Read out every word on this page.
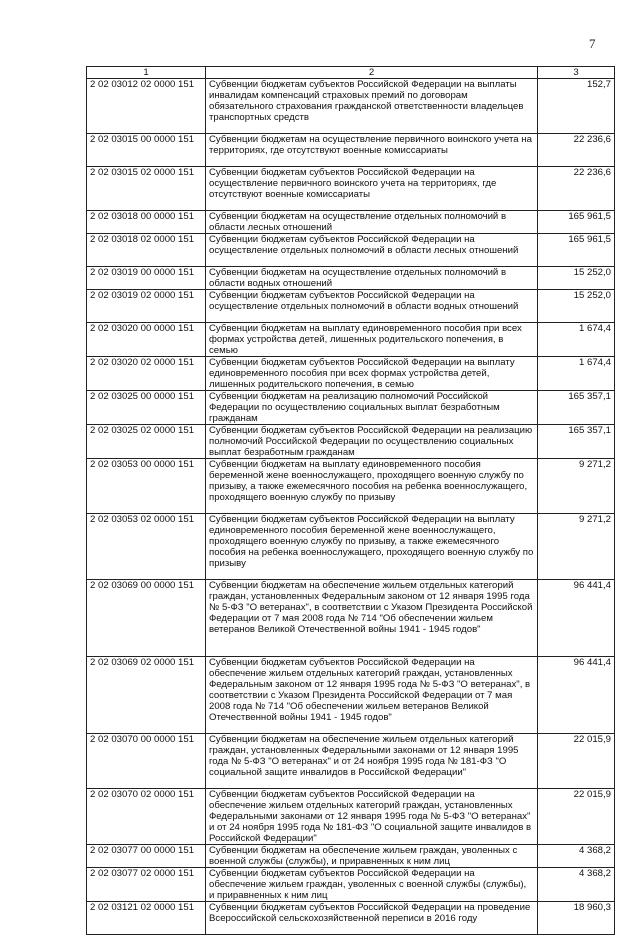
7
1	2	3
2 02 03012 02 0000 151	Субвенции бюджетам субъектов Российской Федерации на выплаты инвалидам компенсаций страховых премий по договорам обязательного страхования гражданской ответственности владельцев транспортных средств	152,7
2 02 03015 00 0000 151	Субвенции бюджетам на осуществление первичного воинского учета на территориях, где отсутствуют военные комиссариаты	22 236,6
2 02 03015 02 0000 151	Субвенции бюджетам субъектов Российской Федерации на осуществление первичного воинского учета на территориях, где отсутствуют военные комиссариаты	22 236,6
2 02 03018 00 0000 151	Субвенции бюджетам на осуществление отдельных полномочий в области лесных отношений	165 961,5
2 02 03018 02 0000 151	Субвенции бюджетам субъектов Российской Федерации на осуществление отдельных полномочий в области лесных отношений	165 961,5
2 02 03019 00 0000 151	Субвенции бюджетам на осуществление отдельных полномочий в области водных отношений	15 252,0
2 02 03019 02 0000 151	Субвенции бюджетам субъектов Российской Федерации на осуществление отдельных полномочий в области водных отношений	15 252,0
2 02 03020 00 0000 151	Субвенции бюджетам на выплату единовременного пособия при всех формах устройства детей, лишенных родительского попечения, в семью	1 674,4
2 02 03020 02 0000 151	Субвенции бюджетам субъектов Российской Федерации на выплату единовременного пособия при всех формах устройства детей, лишенных родительского попечения, в семью	1 674,4
2 02 03025 00 0000 151	Субвенции бюджетам на реализацию полномочий Российской Федерации по осуществлению социальных выплат безработным гражданам	165 357,1
2 02 03025 02 0000 151	Субвенции бюджетам субъектов Российской Федерации на реализацию полномочий Российской Федерации по осуществлению социальных выплат безработным гражданам	165 357,1
2 02 03053 00 0000 151	Субвенции бюджетам на выплату единовременного пособия беременной жене военнослужащего, проходящего военную службу по призыву, а также ежемесячного пособия на ребенка военнослужащего, проходящего военную службу по призыву	9 271,2
2 02 03053 02 0000 151	Субвенции бюджетам субъектов Российской Федерации на выплату единовременного пособия беременной жене военнослужащего, проходящего военную службу по призыву, а также ежемесячного пособия на ребенка военнослужащего, проходящего военную службу по призыву	9 271,2
2 02 03069 00 0000 151	Субвенции бюджетам на обеспечение жильем отдельных категорий граждан, установленных Федеральным законом от 12 января 1995 года № 5-ФЗ "О ветеранах", в соответствии с Указом Президента Российской Федерации от 7 мая 2008 года № 714 "Об обеспечении жильем ветеранов Великой Отечественной войны 1941 - 1945 годов"	96 441,4
2 02 03069 02 0000 151	Субвенции бюджетам субъектов Российской Федерации на обеспечение жильем отдельных категорий граждан, установленных Федеральным законом от 12 января 1995 года № 5-ФЗ "О ветеранах", в соответствии с Указом Президента Российской Федерации от 7 мая 2008 года № 714 "Об обеспечении жильем ветеранов Великой Отечественной войны 1941 - 1945 годов"	96 441,4
2 02 03070 00 0000 151	Субвенции бюджетам на обеспечение жильем отдельных категорий граждан, установленных Федеральными законами от 12 января 1995 года № 5-ФЗ "О ветеранах" и от 24 ноября 1995 года № 181-ФЗ "О социальной защите инвалидов в Российской Федерации"	22 015,9
2 02 03070 02 0000 151	Субвенции бюджетам субъектов Российской Федерации на обеспечение жильем отдельных категорий граждан, установленных Федеральными законами от 12 января 1995 года № 5-ФЗ "О ветеранах" и от 24 ноября 1995 года № 181-ФЗ "О социальной защите инвалидов в Российской Федерации"	22 015,9
2 02 03077 00 0000 151	Субвенции бюджетам на обеспечение жильем граждан, уволенных с военной службы (службы), и приравненных к ним лиц	4 368,2
2 02 03077 02 0000 151	Субвенции бюджетам субъектов Российской Федерации на обеспечение жильем граждан, уволенных с военной службы (службы), и приравненных к ним лиц	4 368,2
2 02 03121 02 0000 151	Субвенции бюджетам субъектов Российской Федерации на проведение Всероссийской сельскохозяйственной переписи в 2016 году	18 960,3
